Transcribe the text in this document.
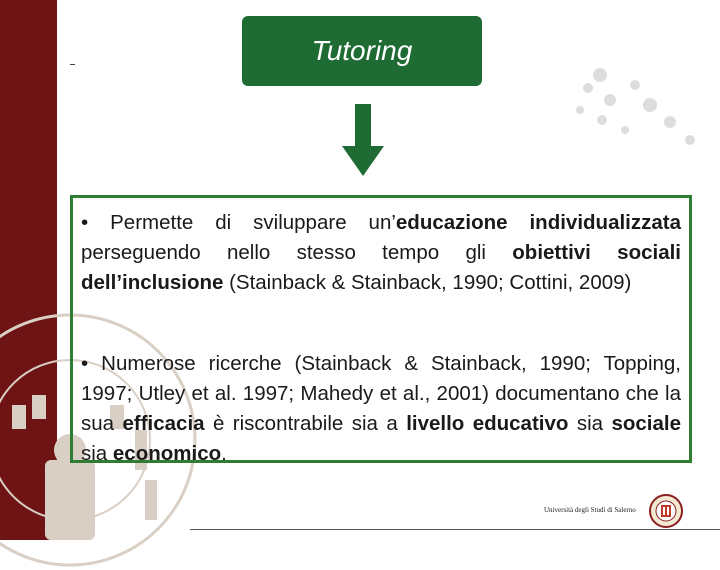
Tutoring
• Permette di sviluppare un’educazione individualizzata perseguendo nello stesso tempo gli obiettivi sociali dell’inclusione (Stainback & Stainback, 1990; Cottini, 2009)
• Numerose ricerche (Stainback & Stainback, 1990; Topping, 1997; Utley et al. 1997; Mahedy et al., 2001) documentano che la sua efficacia è riscontrabile sia a livello educativo sia sociale sia economico.
Università degli Studi di Salerno
